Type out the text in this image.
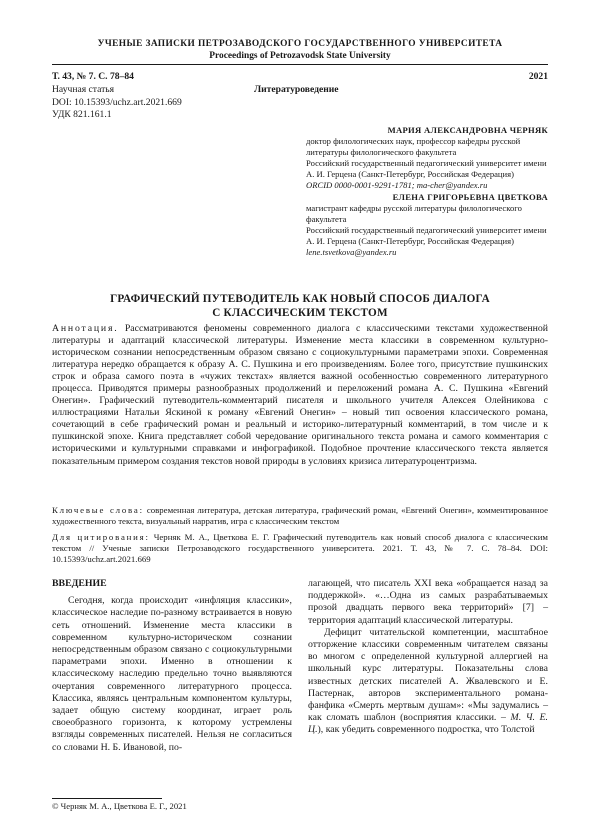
УЧЕНЫЕ ЗАПИСКИ ПЕТРОЗАВОДСКОГО ГОСУДАРСТВЕННОГО УНИВЕРСИТЕТА
Proceedings of Petrozavodsk State University
Т. 43, № 7. С. 78–84
Научная статья
DOI: 10.15393/uchz.art.2021.669
УДК 821.161.1
Литературоведение
2021
МАРИЯ АЛЕКСАНДРОВНА ЧЕРНЯК
доктор филологических наук, профессор кафедры русской литературы филологического факультета
Российский государственный педагогический университет имени А. И. Герцена (Санкт-Петербург, Российская Федерация)
ORCID 0000-0001-9291-1781; ma-cher@yandex.ru
ЕЛЕНА ГРИГОРЬЕВНА ЦВЕТКОВА
магистрант кафедры русской литературы филологического факультета
Российский государственный педагогический университет имени А. И. Герцена (Санкт-Петербург, Российская Федерация)
lene.tsvetkova@yandex.ru
ГРАФИЧЕСКИЙ ПУТЕВОДИТЕЛЬ КАК НОВЫЙ СПОСОБ ДИАЛОГА
С КЛАССИЧЕСКИМ ТЕКСТОМ

Аннотация. Рассматриваются феномены современного диалога с классическими текстами художественной литературы и адаптаций классической литературы. Изменение места классики в современном культурно-историческом сознании непосредственным образом связано с социокультурными параметрами эпохи. Современная литература нередко обращается к образу А. С. Пушкина и его произведениям. Более того, присутствие пушкинских строк и образа самого поэта в «чужих текстах» является важной особенностью современного литературного процесса. Приводятся примеры разнообразных продолжений и переложений романа А. С. Пушкина «Евгений Онегин». Графический путеводитель-комментарий писателя и школьного учителя Алексея Олейникова с иллюстрациями Натальи Яскиной к роману «Евгений Онегин» – новый тип освоения классического романа, сочетающий в себе графический роман и реальный и историко-литературный комментарий, в том числе и к пушкинской эпохе. Книга представляет собой чередование оригинального текста романа и самого комментария с историческими и культурными справками и инфографикой. Подобное прочтение классического текста является показательным примером создания текстов новой природы в условиях кризиса литературоцентризма.

Ключевые слова: современная литература, детская литература, графический роман, «Евгений Онегин», комментированное художественного текста, визуальный нарратив, игра с классическим текстом
Для цитирования: Черняк М. А., Цветкова Е. Г. Графический путеводитель как новый способ диалога с классическим текстом // Ученые записки Петрозаводского государственного университета. 2021. Т. 43, № 7. С. 78–84. DOI: 10.15393/uchz.art.2021.669

ВВЕДЕНИЕ

Сегодня, когда происходит «инфляция классики», классическое наследие по-разному встраивается в новую сеть отношений. Изменение места классики в современном культурно-историческом сознании непосредственным образом связано с социокультурными параметрами эпохи. Именно в отношении к классическому наследию предельно точно выявляются очертания современного литературного процесса. Классика, являясь центральным компонентом культуры, задает общую систему координат, играет роль своеобразного горизонта, к которому устремлены взгляды современных писателей. Нельзя не согласиться со словами Н. Б. Ивановой, по-

лагающей, что писатель XXI века «обращается назад за поддержкой». «…Одна из самых разрабатываемых прозой двадцать первого века территорий» [7] – территория адаптаций классической литературы.

Дефицит читательской компетенции, масштабное отторжение классики современным читателем связаны во многом с определенной культурной аллергией на школьный курс литературы. Показательны слова известных детских писателей А. Жвалевского и Е. Пастернак, авторов экспериментального романа-фанфика «Смерть мертвым душам»: «Мы задумались – как сломать шаблон (восприятия классики. – М. Ч. Е. Ц.), как убедить современного подростка, что Толстой

© Черняк М. А., Цветкова Е. Г., 2021
